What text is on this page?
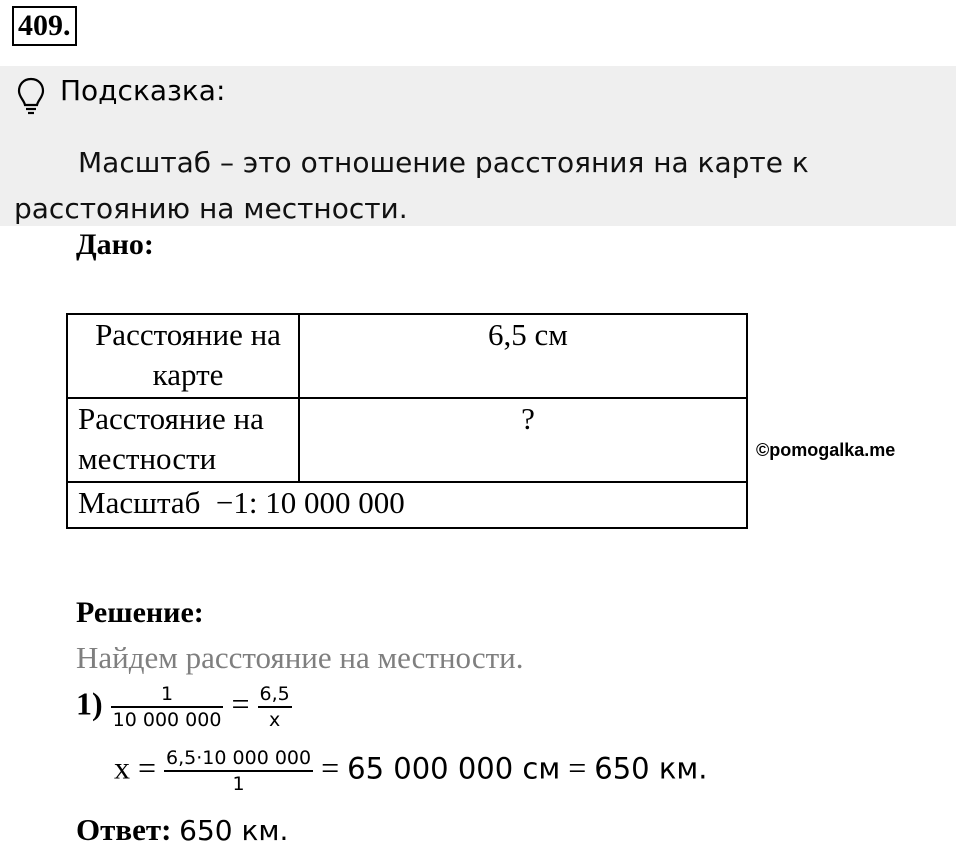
409.
Подсказка:
Масштаб – это отношение расстояния на карте к расстоянию на местности.
Дано:
Расстояние на карте	6,5 см
Расстояние на местности	?
Масштаб −1: 10 000 000	
©pomogalka.me
Решение:
Найдем расстояние на местности.
$1) \frac{1}{10 000 000} = \frac{6,5}{x}$
$x = \frac{6,5\cdot 10 000 000}{1} = 65$ 000 000 см = 650 км.
Ответ: 650 км.
